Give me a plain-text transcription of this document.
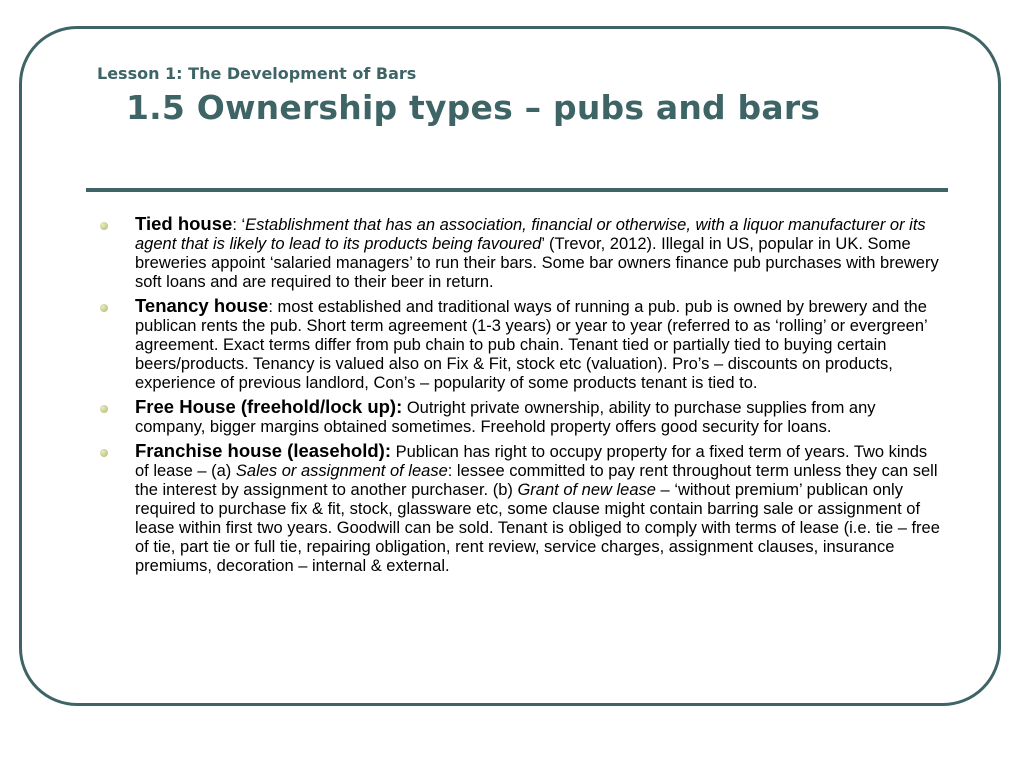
Lesson 1: The Development of Bars
1.5 Ownership types – pubs and bars
Tied house: ‘Establishment that has an association, financial or otherwise, with a liquor manufacturer or its agent that is likely to lead to its products being favoured’ (Trevor, 2012). Illegal in US, popular in UK. Some breweries appoint ‘salaried managers’ to run their bars. Some bar owners finance pub purchases with brewery soft loans and are required to their beer in return.
Tenancy house: most established and traditional ways of running a pub. pub is owned by brewery and the publican rents the pub. Short term agreement (1-3 years) or year to year (referred to as ‘rolling’ or evergreen’ agreement. Exact terms differ from pub chain to pub chain. Tenant tied or partially tied to buying certain beers/products. Tenancy is valued also on Fix & Fit, stock etc (valuation). Pro’s – discounts on products, experience of previous landlord, Con’s – popularity of some products tenant is tied to.
Free House (freehold/lock up): Outright private ownership, ability to purchase supplies from any company, bigger margins obtained sometimes. Freehold property offers good security for loans.
Franchise house (leasehold): Publican has right to occupy property for a fixed term of years. Two kinds of lease – (a) Sales or assignment of lease: lessee committed to pay rent throughout term unless they can sell the interest by assignment to another purchaser. (b) Grant of new lease – ‘without premium’ publican only required to purchase fix & fit, stock, glassware etc, some clause might contain barring sale or assignment of lease within first two years. Goodwill can be sold. Tenant is obliged to comply with terms of lease (i.e. tie – free of tie, part tie or full tie, repairing obligation, rent review, service charges, assignment clauses, insurance premiums, decoration – internal & external.
